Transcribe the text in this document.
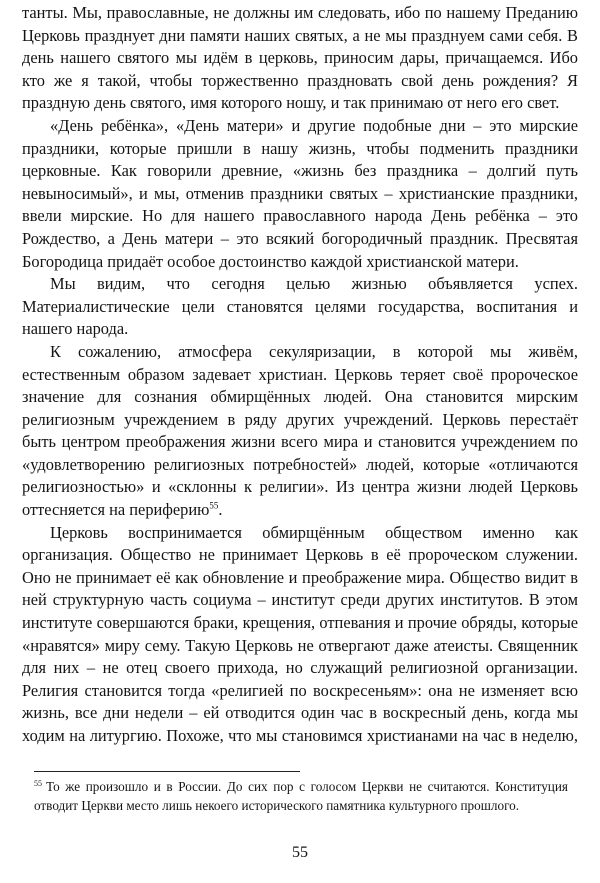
танты. Мы, православные, не должны им следовать, ибо по нашему Преданию Церковь празднует дни памяти наших святых, а не мы празднуем сами себя. В день нашего святого мы идём в церковь, приносим дары, причащаемся. Ибо кто же я такой, чтобы торжественно праздновать свой день рождения? Я праздную день святого, имя которого ношу, и так принимаю от него его свет.

«День ребёнка», «День матери» и другие подобные дни – это мирские праздники, которые пришли в нашу жизнь, чтобы подменить праздники церковные. Как говорили древние, «жизнь без праздника – долгий путь невыносимый», и мы, отменив праздники святых – христианские праздники, ввели мирские. Но для нашего православного народа День ребёнка – это Рождество, а День матери – это всякий богородичный праздник. Пресвятая Богородица придаёт особое достоинство каждой христианской матери.

Мы видим, что сегодня целью жизнью объявляется успех. Материалистические цели становятся целями государства, воспитания и нашего народа.

К сожалению, атмосфера секуляризации, в которой мы живём, естественным образом задевает христиан. Церковь теряет своё пророческое значение для сознания обмирщённых людей. Она становится мирским религиозным учреждением в ряду других учреждений. Церковь перестаёт быть центром преображения жизни всего мира и становится учреждением по «удовлетворению религиозных потребностей» людей, которые «отличаются религиозностью» и «склонны к религии». Из центра жизни людей Церковь оттесняется на периферию$^{55}$.

Церковь воспринимается обмирщённым обществом именно как организация. Общество не принимает Церковь в её пророческом служении. Оно не принимает её как обновление и преображение мира. Общество видит в ней структурную часть социума – институт среди других институтов. В этом институте совершаются браки, крещения, отпевания и прочие обряды, которые «нравятся» миру сему. Такую Церковь не отвергают даже атеисты. Священник для них – не отец своего прихода, но служащий религиозной организации. Религия становится тогда «религией по воскресеньям»: она не изменяет всю жизнь, все дни недели – ей отводится один час в воскресный день, когда мы ходим на литургию. Похоже, что мы становимся христианами на час в неделю,

$^{55}$ То же произошло и в России. До сих пор с голосом Церкви не считаются. Конституция отводит Церкви место лишь некоего исторического памятника культурного прошлого.
55
